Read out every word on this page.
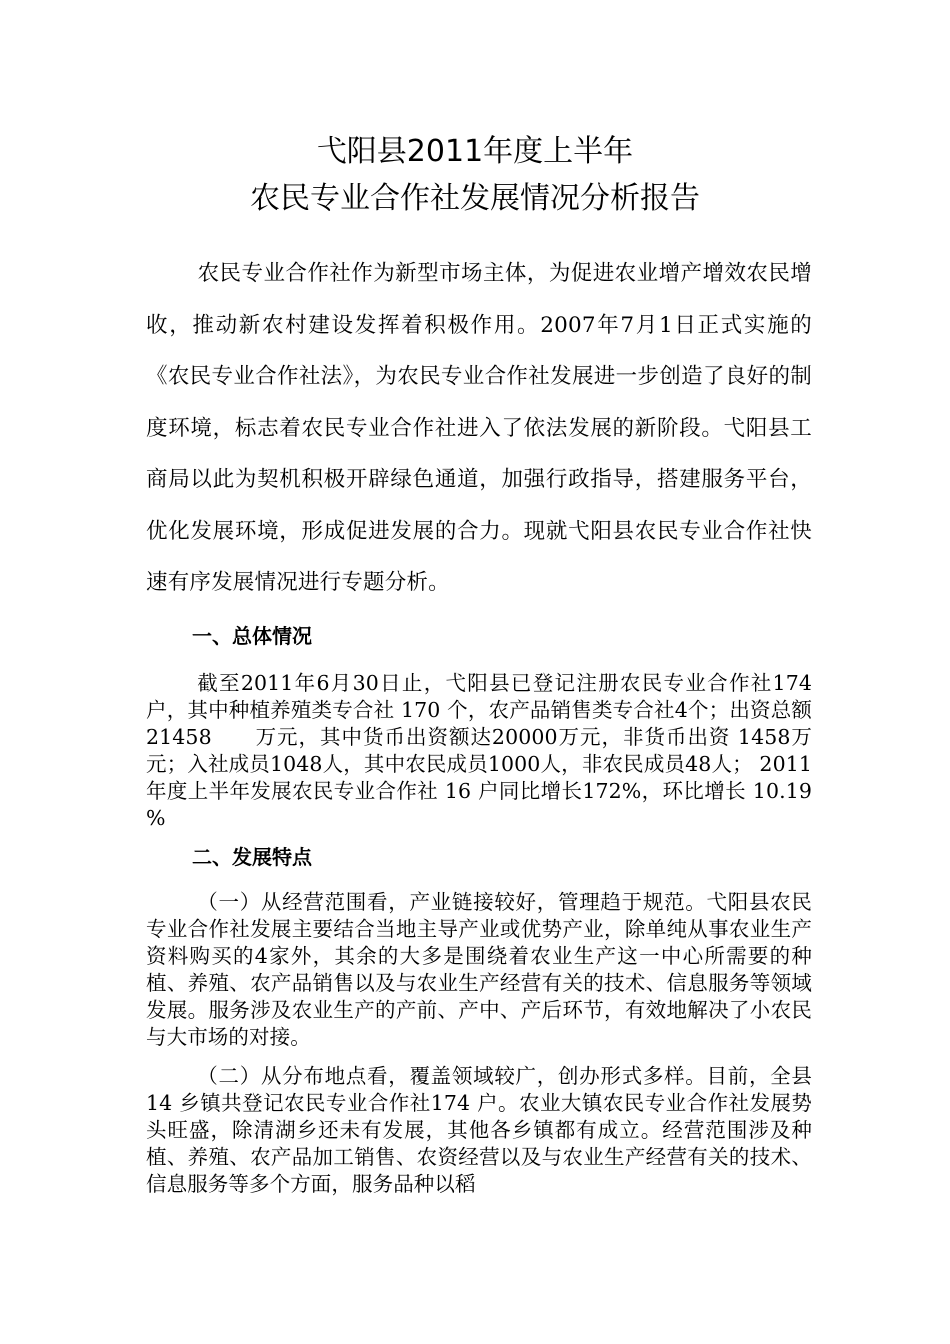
弋阳县2011年度上半年
农民专业合作社发展情况分析报告

农民专业合作社作为新型市场主体，为促进农业增产增效农民增收，推动新农村建设发挥着积极作用。2007年7月1日正式实施的《农民专业合作社法》，为农民专业合作社发展进一步创造了良好的制度环境，标志着农民专业合作社进入了依法发展的新阶段。弋阳县工商局以此为契机积极开辟绿色通道，加强行政指导，搭建服务平台，优化发展环境，形成促进发展的合力。现就弋阳县农民专业合作社快速有序发展情况进行专题分析。

一、总体情况

截至2011年6月30日止，弋阳县已登记注册农民专业合作社174户，其中种植养殖类专合社 170 个，农产品销售类专合社4个；出资总额　21458　　万元，其中货币出资额达20000万元，非货币出资 1458万元；入社成员1048人，其中农民成员1000人，非农民成员48人； 2011年度上半年发展农民专业合作社 16 户同比增长172%，环比增长 10.19 %

二、发展特点

（一）从经营范围看，产业链接较好，管理趋于规范。弋阳县农民专业合作社发展主要结合当地主导产业或优势产业，除单纯从事农业生产资料购买的4家外，其余的大多是围绕着农业生产这一中心所需要的种植、养殖、农产品销售以及与农业生产经营有关的技术、信息服务等领域发展。服务涉及农业生产的产前、产中、产后环节，有效地解决了小农民与大市场的对接。

（二）从分布地点看，覆盖领域较广，创办形式多样。目前，全县 14 乡镇共登记农民专业合作社174 户。农业大镇农民专业合作社发展势头旺盛，除清湖乡还未有发展，其他各乡镇都有成立。经营范围涉及种植、养殖、农产品加工销售、农资经营以及与农业生产经营有关的技术、信息服务等多个方面，服务品种以稻
